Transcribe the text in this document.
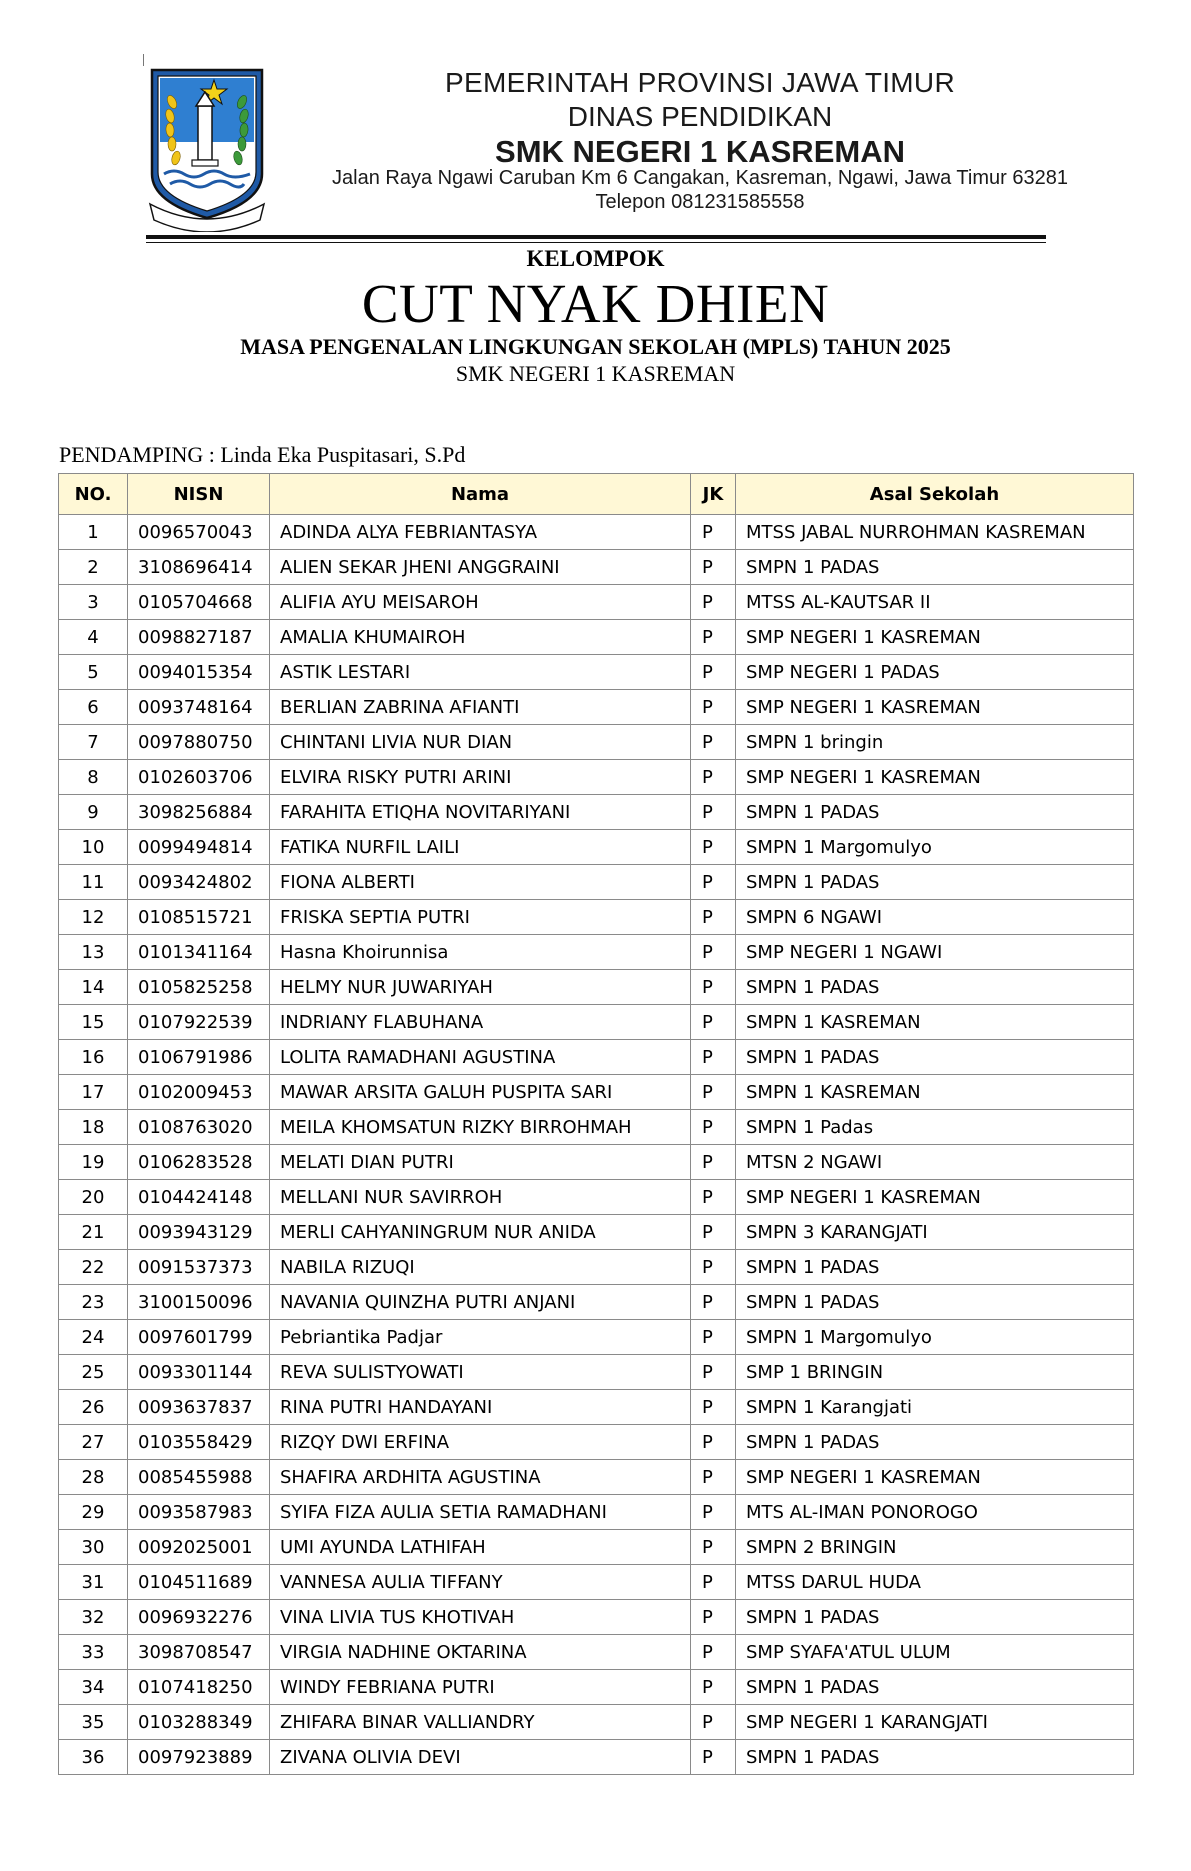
PEMERINTAH PROVINSI JAWA TIMUR
DINAS PENDIDIKAN
SMK NEGERI 1 KASREMAN
Jalan Raya Ngawi Caruban Km 6 Cangakan, Kasreman, Ngawi, Jawa Timur 63281
Telepon 081231585558
KELOMPOK
CUT NYAK DHIEN
MASA PENGENALAN LINGKUNGAN SEKOLAH (MPLS) TAHUN 2025
SMK NEGERI 1 KASREMAN
PENDAMPING : Linda Eka Puspitasari, S.Pd
NO.	NISN	Nama	JK	Asal Sekolah
1	0096570043	ADINDA ALYA FEBRIANTASYA	P	MTSS JABAL NURROHMAN KASREMAN
2	3108696414	ALIEN SEKAR JHENI ANGGRAINI	P	SMPN 1 PADAS
3	0105704668	ALIFIA AYU MEISAROH	P	MTSS AL-KAUTSAR II
4	0098827187	AMALIA KHUMAIROH	P	SMP NEGERI 1 KASREMAN
5	0094015354	ASTIK LESTARI	P	SMP NEGERI 1 PADAS
6	0093748164	BERLIAN ZABRINA AFIANTI	P	SMP NEGERI 1 KASREMAN
7	0097880750	CHINTANI LIVIA NUR DIAN	P	SMPN 1 bringin
8	0102603706	ELVIRA RISKY PUTRI ARINI	P	SMP NEGERI 1 KASREMAN
9	3098256884	FARAHITA ETIQHA NOVITARIYANI	P	SMPN 1 PADAS
10	0099494814	FATIKA NURFIL LAILI	P	SMPN 1 Margomulyo
11	0093424802	FIONA ALBERTI	P	SMPN 1 PADAS
12	0108515721	FRISKA SEPTIA PUTRI	P	SMPN 6 NGAWI
13	0101341164	Hasna Khoirunnisa	P	SMP NEGERI 1 NGAWI
14	0105825258	HELMY NUR JUWARIYAH	P	SMPN 1 PADAS
15	0107922539	INDRIANY FLABUHANA	P	SMPN 1 KASREMAN
16	0106791986	LOLITA RAMADHANI AGUSTINA	P	SMPN 1 PADAS
17	0102009453	MAWAR ARSITA GALUH PUSPITA SARI	P	SMPN 1 KASREMAN
18	0108763020	MEILA KHOMSATUN RIZKY BIRROHMAH	P	SMPN 1 Padas
19	0106283528	MELATI DIAN PUTRI	P	MTSN 2 NGAWI
20	0104424148	MELLANI NUR SAVIRROH	P	SMP NEGERI 1 KASREMAN
21	0093943129	MERLI CAHYANINGRUM NUR ANIDA	P	SMPN 3 KARANGJATI
22	0091537373	NABILA RIZUQI	P	SMPN 1 PADAS
23	3100150096	NAVANIA QUINZHA PUTRI ANJANI	P	SMPN 1 PADAS
24	0097601799	Pebriantika Padjar	P	SMPN 1 Margomulyo
25	0093301144	REVA SULISTYOWATI	P	SMP 1 BRINGIN
26	0093637837	RINA PUTRI HANDAYANI	P	SMPN 1 Karangjati
27	0103558429	RIZQY DWI ERFINA	P	SMPN 1 PADAS
28	0085455988	SHAFIRA ARDHITA AGUSTINA	P	SMP NEGERI 1 KASREMAN
29	0093587983	SYIFA FIZA AULIA SETIA RAMADHANI	P	MTS AL-IMAN PONOROGO
30	0092025001	UMI AYUNDA LATHIFAH	P	SMPN 2 BRINGIN
31	0104511689	VANNESA AULIA TIFFANY	P	MTSS DARUL HUDA
32	0096932276	VINA LIVIA TUS KHOTIVAH	P	SMPN 1 PADAS
33	3098708547	VIRGIA NADHINE OKTARINA	P	SMP SYAFA'ATUL ULUM
34	0107418250	WINDY FEBRIANA PUTRI	P	SMPN 1 PADAS
35	0103288349	ZHIFARA BINAR VALLIANDRY	P	SMP NEGERI 1 KARANGJATI
36	0097923889	ZIVANA OLIVIA DEVI	P	SMPN 1 PADAS
